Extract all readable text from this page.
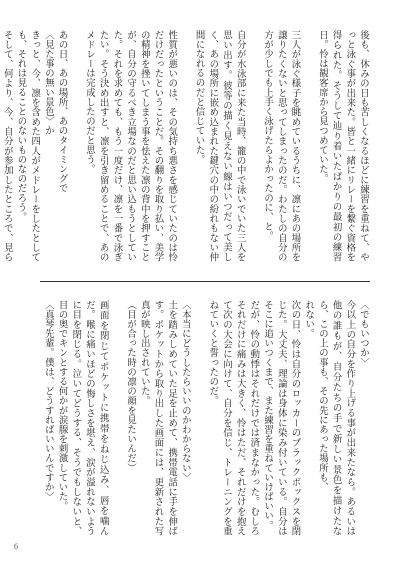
後も、休みの日も苦しくなるほどに練習を重ねて、やっと泳ぐ事が出来た。皆と一緒にリレーを繋ぐ資格を得られた。そうして辿り着いたばかりの最初の練習日。怜は観客席から見つめていた。

三人が泳ぐ様子を眺めているうちに、凛にあの場所を譲りたくないと思ってしまったのだ。わたしの自分の方が少しでも上手く泳げたらよかったのに、と。

自分が水泳部に来た当時、籠の中で泳いでいた三人を思い出す。彼等の描く見えない線はいつだって美しく、あの場所に嵌め込まれた鍵穴の中の紛れもない仲間になれるのだと信じていた。

性質が悪いのは、その気持ち悪さを感じていたのは怜だけだったということだ。その翻りを取り払い、美学の精神を挫いてしまう事を怯えた凛の背中を押すことが、自分の守るべき立場なのだと思い込もうとしていた。それを求めても、もう一度だけ、凛を一番で泳ぎたい。そう決め出すと、凛を引き留めることで、あのメドレーは完成したのだと思う。

あの日、あの場所、あのタイミングで

〈見た事の無い景色〉か

きっと、今、凛を含めた四人がメドレーをしたとしても、それは見ることのないものなのだろう。

そして、何より、今、自分が参加したところで、見ら

〈でもいつか〉

今以上の自分を作り上げる事が出来たなら。あるいは他の誰もが、自分たちの手で新しい景色を描けたなら、この上の事も、その先にあった場所も、

れない。

次の日、怜は自分のロッカーのブラックボックスを閉じた。大丈夫、理論は身体に染み付いている。自分はそこに追いつくまで、また練習を重ねていけばいい。

だが、怜の動悸はそれだけでは済まなかった。むしろそれだけに痛みは大きく、怜はただ、それだけを抱えて次の大会に向けて、自分を信じ、トレーニングを重ねていくと誓ったのだ。

〈本当にどうしたらいいのかわからない〉

土を踏みしめていた足を止めて、携帯電話に手を伸ばす。ポケットから取り出した画面には、更新された写真が映し出されていた。

（目が合った時の凛の顔を見たいんだ）

画面を閉じてポケットに携帯をねじ込み、唇を噛んだ。喉に痛いほどの悔しさを堪え、涙が溢れないように目を閉じる。泣いてどうする、そうでもしないと、目の奥でキンとする何かが涙腺を刺激していた。

〈真琴先輩。僕は、どうすればいいんですか〉

6
